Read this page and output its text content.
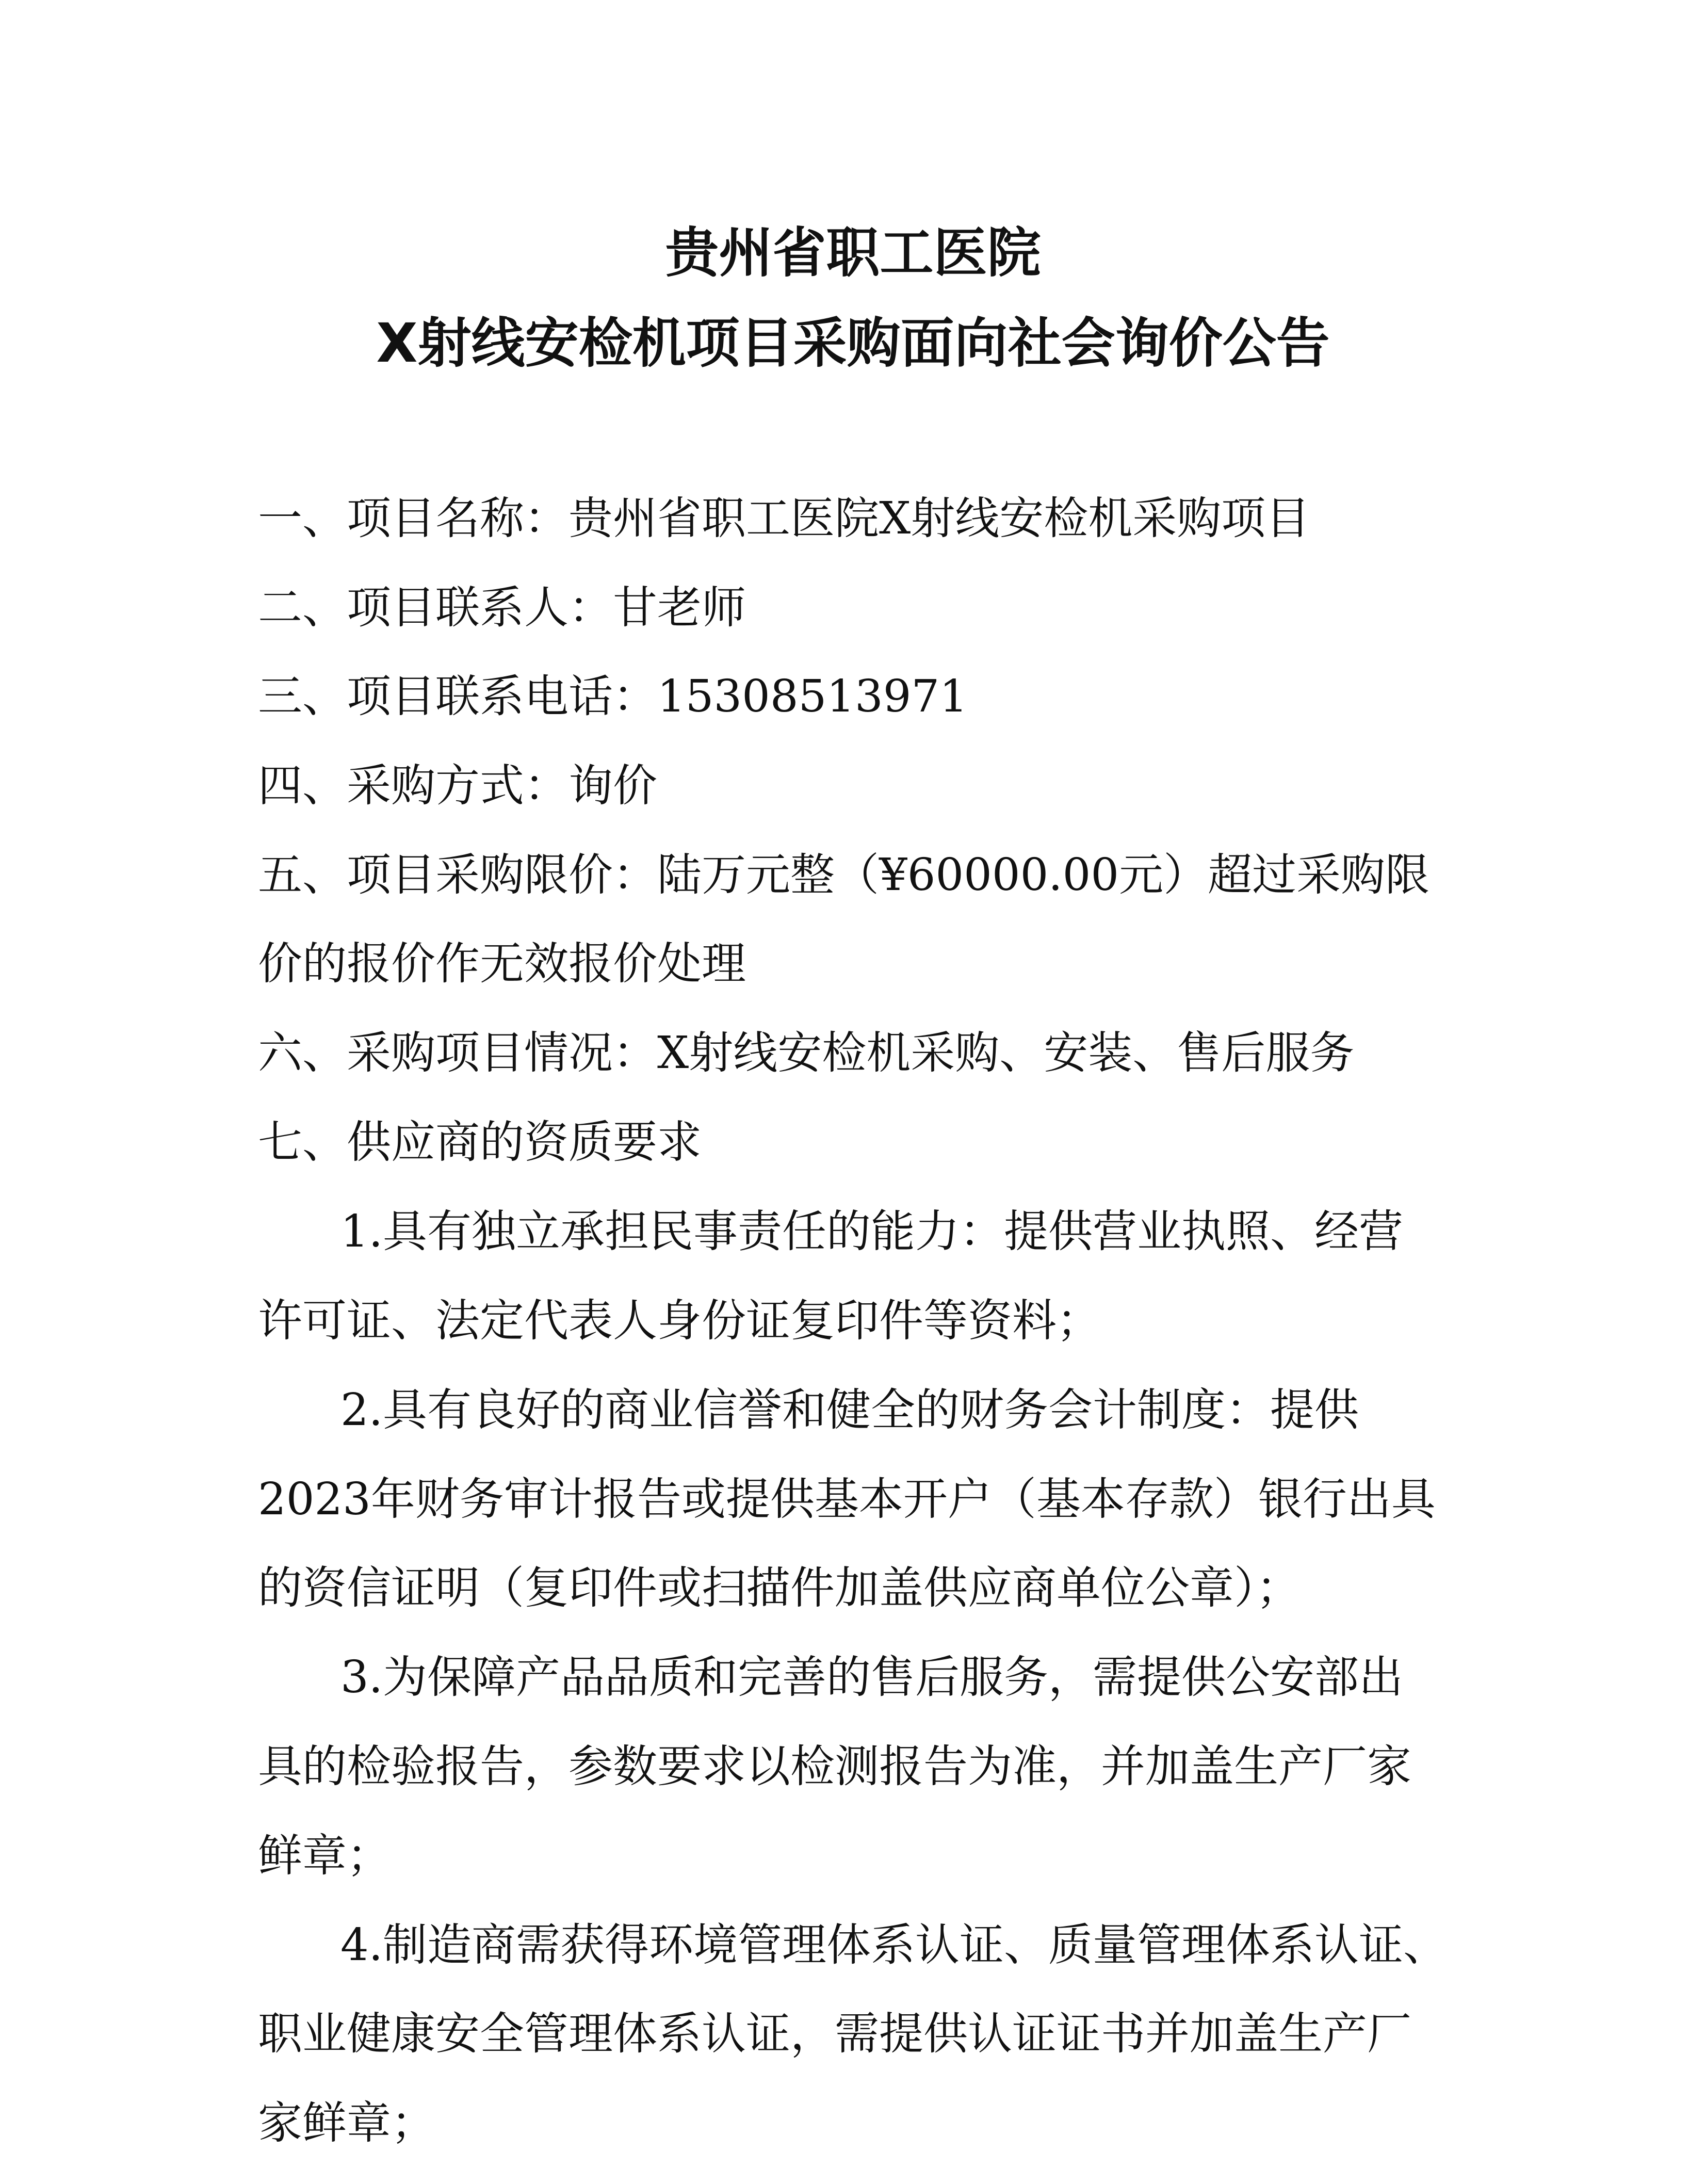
贵州省职工医院
X射线安检机项目采购面向社会询价公告
一、项目名称：贵州省职工医院X射线安检机采购项目
二、项目联系人：甘老师
三、项目联系电话：15308513971
四、采购方式：询价
五、项目采购限价：陆万元整（¥60000.00元）超过采购限
价的报价作无效报价处理
六、采购项目情况：X射线安检机采购、安装、售后服务
七、供应商的资质要求
1.具有独立承担民事责任的能力：提供营业执照、经营
许可证、法定代表人身份证复印件等资料；
2.具有良好的商业信誉和健全的财务会计制度：提供
2023年财务审计报告或提供基本开户（基本存款）银行出具
的资信证明（复印件或扫描件加盖供应商单位公章）；
3.为保障产品品质和完善的售后服务，需提供公安部出
具的检验报告，参数要求以检测报告为准，并加盖生产厂家
鲜章；
4.制造商需获得环境管理体系认证、质量管理体系认证、
职业健康安全管理体系认证，需提供认证证书并加盖生产厂
家鲜章；
